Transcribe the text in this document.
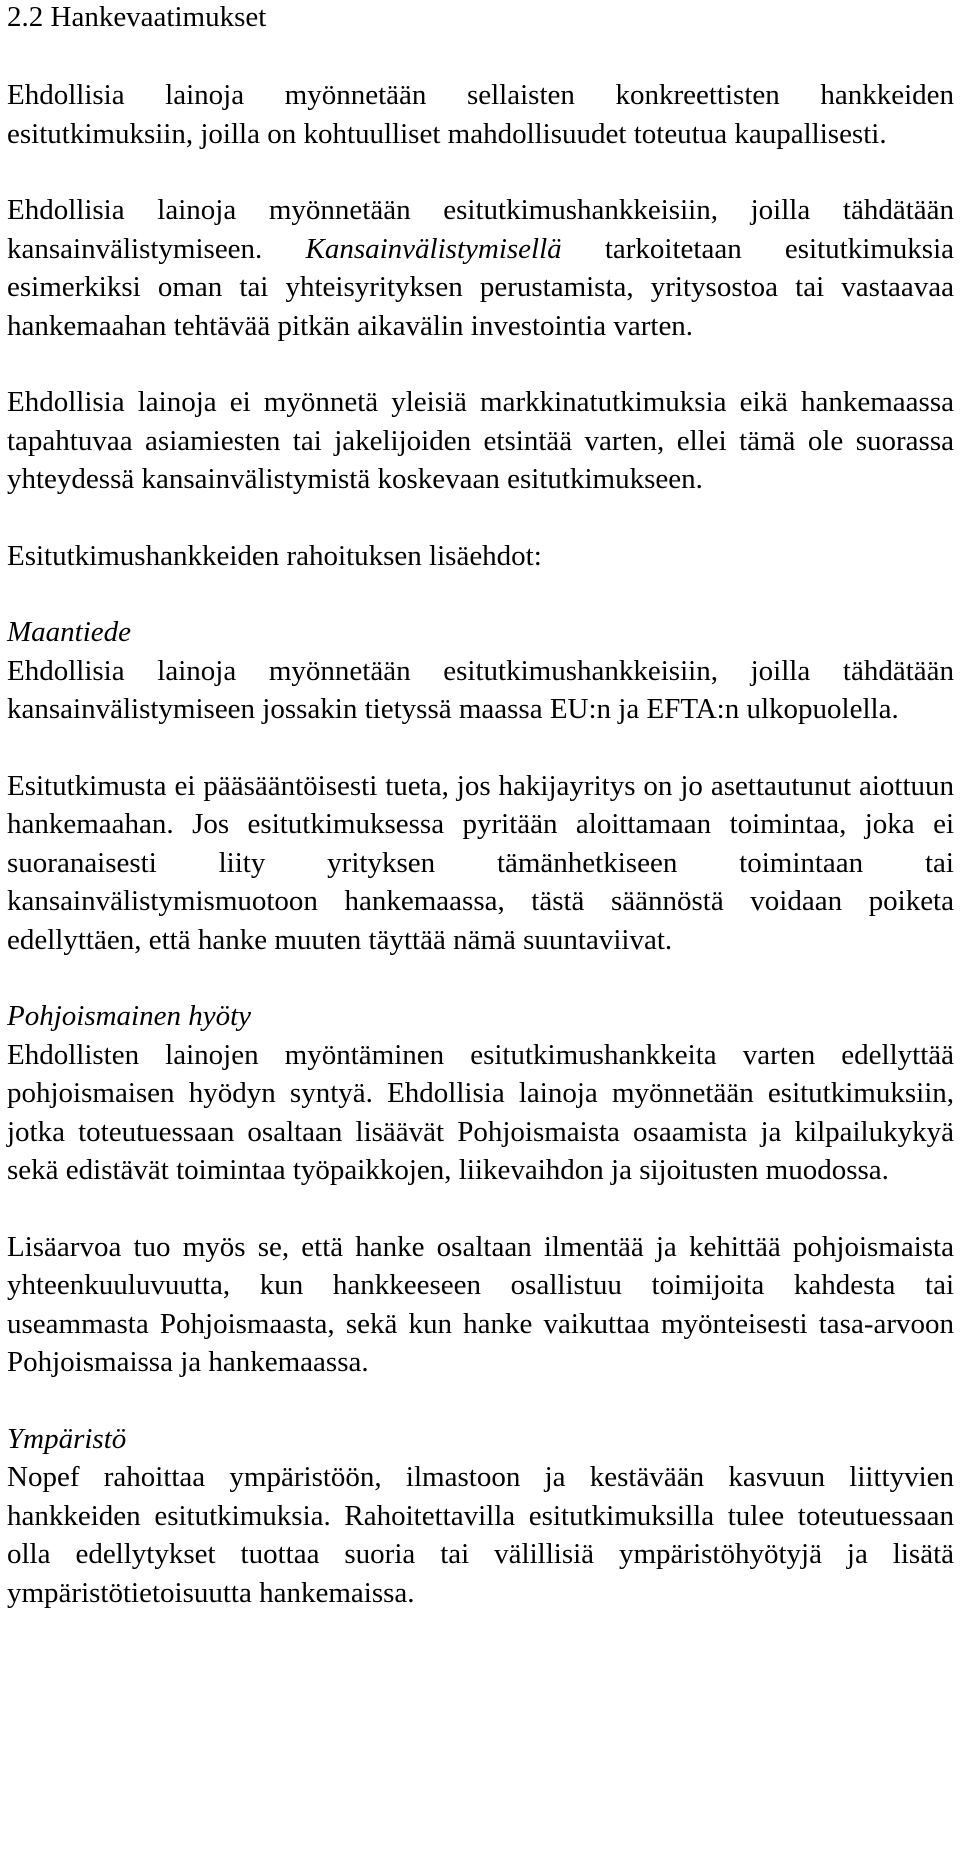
2.2 Hankevaatimukset

Ehdollisia lainoja myönnetään sellaisten konkreettisten hankkeiden esitutkimuksiin, joilla on kohtuulliset mahdollisuudet toteutua kaupallisesti.

Ehdollisia lainoja myönnetään esitutkimushankkeisiin, joilla tähdätään kansainvälistymiseen. Kansainvälistymisellä tarkoitetaan esitutkimuksia esimerkiksi oman tai yhteisyrityksen perustamista, yritysostoa tai vastaavaa hankemaahan tehtävää pitkän aikavälin investointia varten.

Ehdollisia lainoja ei myönnetä yleisiä markkinatutkimuksia eikä hankemaassa tapahtuvaa asiamiesten tai jakelijoiden etsintää varten, ellei tämä ole suorassa yhteydessä kansainvälistymistä koskevaan esitutkimukseen.

Esitutkimushankkeiden rahoituksen lisäehdot:

Maantiede

Ehdollisia lainoja myönnetään esitutkimushankkeisiin, joilla tähdätään kansainvälistymiseen jossakin tietyssä maassa EU:n ja EFTA:n ulkopuolella.

Esitutkimusta ei pääsääntöisesti tueta, jos hakijayritys on jo asettautunut aiottuun hankemaahan. Jos esitutkimuksessa pyritään aloittamaan toimintaa, joka ei suoranaisesti liity yrityksen tämänhetkiseen toimintaan tai kansainvälistymismuotoon hankemaassa, tästä säännöstä voidaan poiketa edellyttäen, että hanke muuten täyttää nämä suuntaviivat.

Pohjoismainen hyöty

Ehdollisten lainojen myöntäminen esitutkimushankkeita varten edellyttää pohjoismaisen hyödyn syntyä. Ehdollisia lainoja myönnetään esitutkimuksiin, jotka toteutuessaan osaltaan lisäävät Pohjoismaista osaamista ja kilpailukykyä sekä edistävät toimintaa työpaikkojen, liikevaihdon ja sijoitusten muodossa.

Lisäarvoa tuo myös se, että hanke osaltaan ilmentää ja kehittää pohjoismaista yhteenkuuluvuutta, kun hankkeeseen osallistuu toimijoita kahdesta tai useammasta Pohjoismaasta, sekä kun hanke vaikuttaa myönteisesti tasa-arvoon Pohjoismaissa ja hankemaassa.

Ympäristö

Nopef rahoittaa ympäristöön, ilmastoon ja kestävään kasvuun liittyvien hankkeiden esitutkimuksia. Rahoitettavilla esitutkimuksilla tulee toteutuessaan olla edellytykset tuottaa suoria tai välillisiä ympäristöhyötyjä ja lisätä ympäristötietoisuutta hankemaissa.
